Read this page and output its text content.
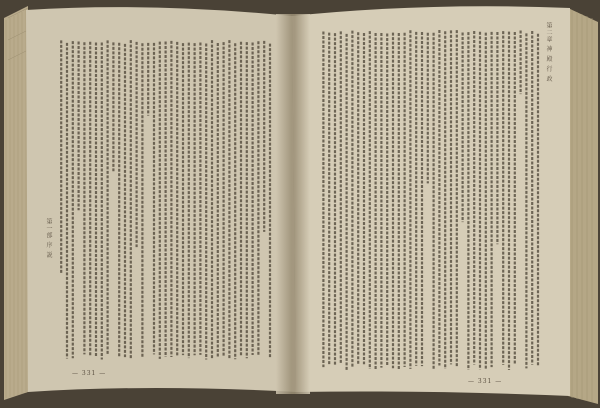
第一部 序 説
第二章 神 殿 行 政
— 331 —
— 331 —
